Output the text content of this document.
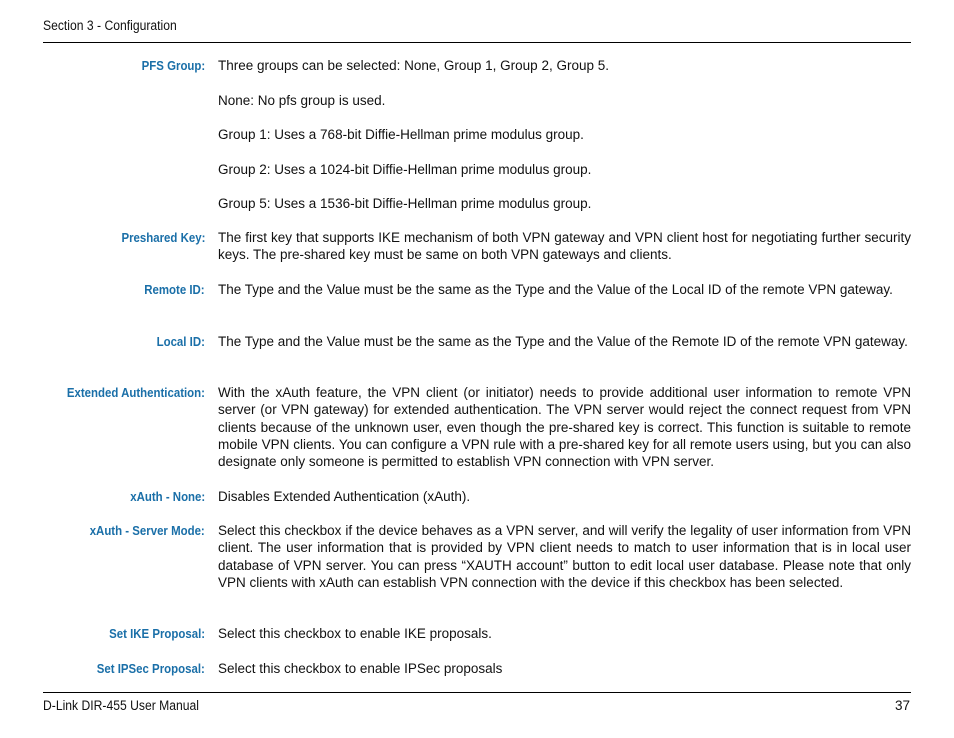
Section 3 - Configuration
PFS Group: Three groups can be selected: None, Group 1, Group 2, Group 5.

None: No pfs group is used.

Group 1: Uses a 768-bit Diffie-Hellman prime modulus group.

Group 2: Uses a 1024-bit Diffie-Hellman prime modulus group.

Group 5: Uses a 1536-bit Diffie-Hellman prime modulus group.

Preshared Key: The first key that supports IKE mechanism of both VPN gateway and VPN client host for negotiating further security keys. The pre-shared key must be same on both VPN gateways and clients.

Remote ID: The Type and the Value must be the same as the Type and the Value of the Local ID of the remote VPN gateway.

Local ID: The Type and the Value must be the same as the Type and the Value of the Remote ID of the remote VPN gateway.

Extended Authentication: With the xAuth feature, the VPN client (or initiator) needs to provide additional user information to remote VPN server (or VPN gateway) for extended authentication. The VPN server would reject the connect request from VPN clients because of the unknown user, even though the pre-shared key is correct. This function is suitable to remote mobile VPN clients. You can configure a VPN rule with a pre-shared key for all remote users using, but you can also designate only someone is permitted to establish VPN connection with VPN server.

xAuth - None: Disables Extended Authentication (xAuth).

xAuth - Server Mode: Select this checkbox if the device behaves as a VPN server, and will verify the legality of user information from VPN client. The user information that is provided by VPN client needs to match to user information that is in local user database of VPN server. You can press “XAUTH account” button to edit local user database. Please note that only VPN clients with xAuth can establish VPN connection with the device if this checkbox has been selected.

Set IKE Proposal: Select this checkbox to enable IKE proposals.

Set IPSec Proposal: Select this checkbox to enable IPSec proposals

D-Link DIR-455 User Manual	37
